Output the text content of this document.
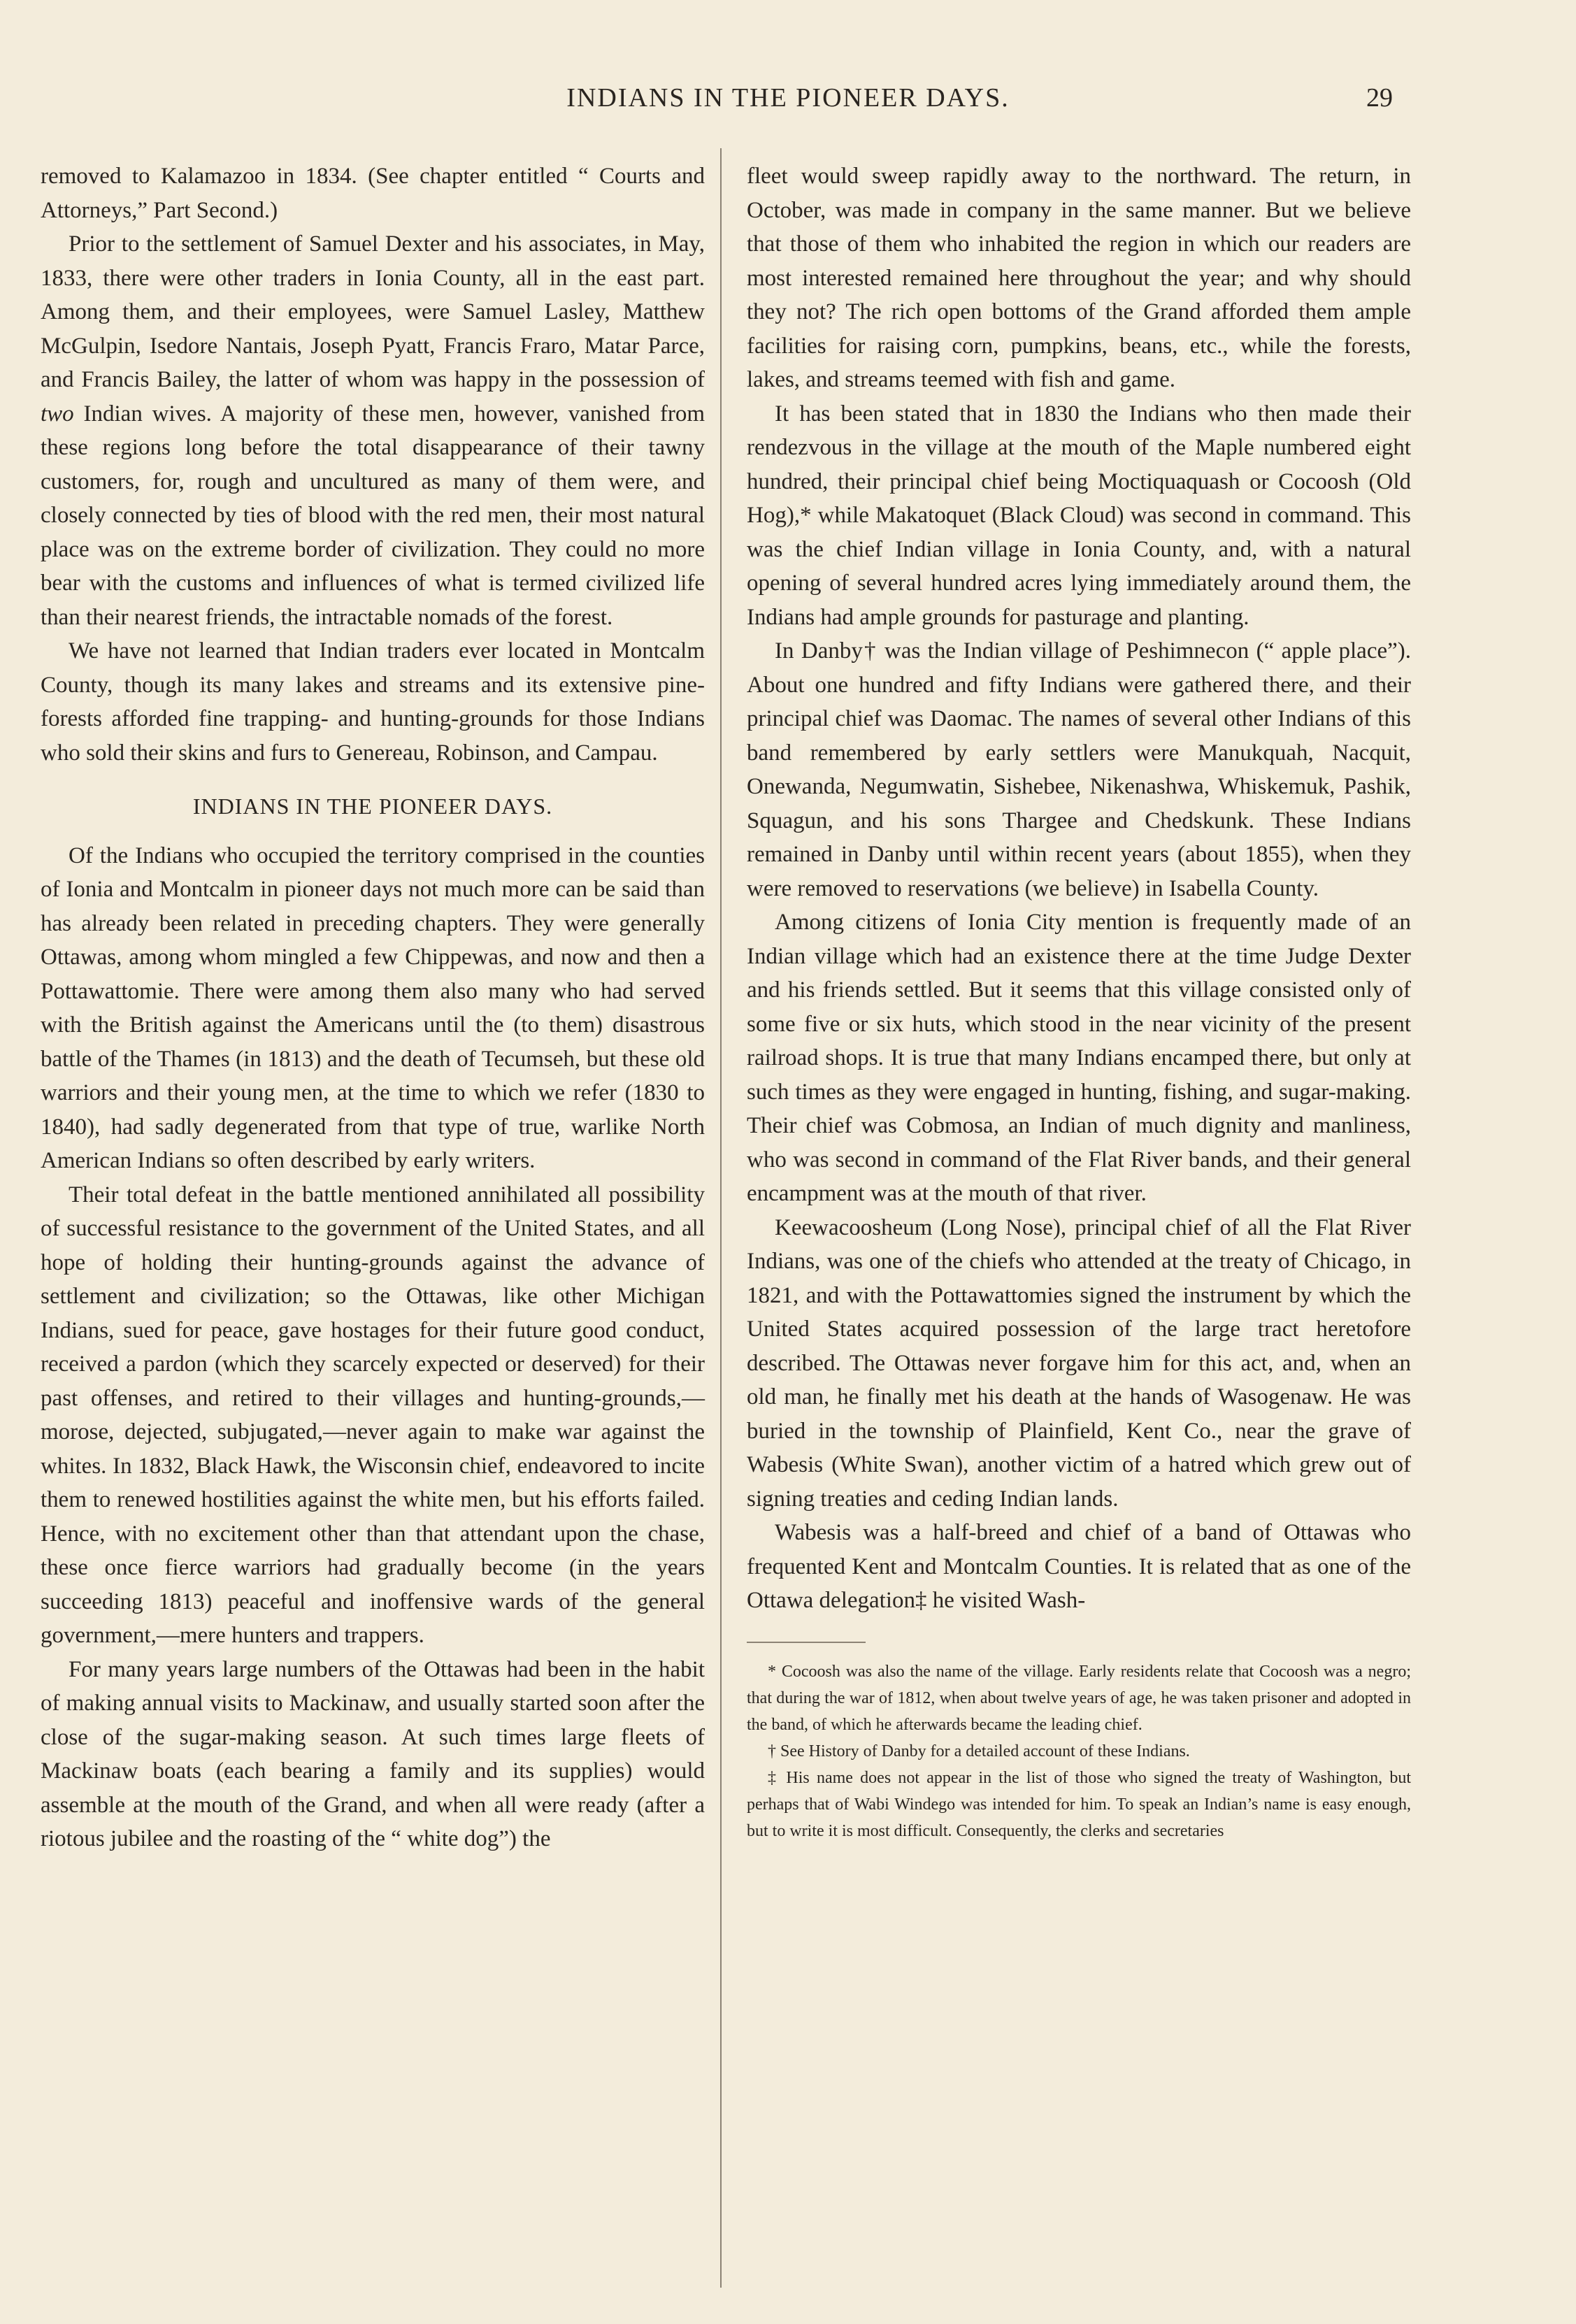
INDIANS IN THE PIONEER DAYS.	29

removed to Kalamazoo in 1834. (See chapter entitled “ Courts and Attorneys,” Part Second.)

Prior to the settlement of Samuel Dexter and his associates, in May, 1833, there were other traders in Ionia County, all in the east part. Among them, and their employees, were Samuel Lasley, Matthew McGulpin, Isedore Nantais, Joseph Pyatt, Francis Fraro, Matar Parce, and Francis Bailey, the latter of whom was happy in the possession of two Indian wives. A majority of these men, however, vanished from these regions long before the total disappearance of their tawny customers, for, rough and uncultured as many of them were, and closely connected by ties of blood with the red men, their most natural place was on the extreme border of civilization. They could no more bear with the customs and influences of what is termed civilized life than their nearest friends, the intractable nomads of the forest.

We have not learned that Indian traders ever located in Montcalm County, though its many lakes and streams and its extensive pine-forests afforded fine trapping- and hunting-grounds for those Indians who sold their skins and furs to Genereau, Robinson, and Campau.

INDIANS IN THE PIONEER DAYS.

Of the Indians who occupied the territory comprised in the counties of Ionia and Montcalm in pioneer days not much more can be said than has already been related in preceding chapters. They were generally Ottawas, among whom mingled a few Chippewas, and now and then a Pottawattomie. There were among them also many who had served with the British against the Americans until the (to them) disastrous battle of the Thames (in 1813) and the death of Tecumseh, but these old warriors and their young men, at the time to which we refer (1830 to 1840), had sadly degenerated from that type of true, warlike North American Indians so often described by early writers.

Their total defeat in the battle mentioned annihilated all possibility of successful resistance to the government of the United States, and all hope of holding their hunting-grounds against the advance of settlement and civilization; so the Ottawas, like other Michigan Indians, sued for peace, gave hostages for their future good conduct, received a pardon (which they scarcely expected or deserved) for their past offenses, and retired to their villages and hunting-grounds,—morose, dejected, subjugated,—never again to make war against the whites. In 1832, Black Hawk, the Wisconsin chief, endeavored to incite them to renewed hostilities against the white men, but his efforts failed. Hence, with no excitement other than that attendant upon the chase, these once fierce warriors had gradually become (in the years succeeding 1813) peaceful and inoffensive wards of the general government,—mere hunters and trappers.

For many years large numbers of the Ottawas had been in the habit of making annual visits to Mackinaw, and usually started soon after the close of the sugar-making season. At such times large fleets of Mackinaw boats (each bearing a family and its supplies) would assemble at the mouth of the Grand, and when all were ready (after a riotous jubilee and the roasting of the “ white dog”) the

fleet would sweep rapidly away to the northward. The return, in October, was made in company in the same manner. But we believe that those of them who inhabited the region in which our readers are most interested remained here throughout the year; and why should they not? The rich open bottoms of the Grand afforded them ample facilities for raising corn, pumpkins, beans, etc., while the forests, lakes, and streams teemed with fish and game.

It has been stated that in 1830 the Indians who then made their rendezvous in the village at the mouth of the Maple numbered eight hundred, their principal chief being Moctiquaquash or Cocoosh (Old Hog),* while Makatoquet (Black Cloud) was second in command. This was the chief Indian village in Ionia County, and, with a natural opening of several hundred acres lying immediately around them, the Indians had ample grounds for pasturage and planting.

In Danby† was the Indian village of Peshimnecon (“ apple place”). About one hundred and fifty Indians were gathered there, and their principal chief was Daomac. The names of several other Indians of this band remembered by early settlers were Manukquah, Nacquit, Onewanda, Negumwatin, Sishebee, Nikenashwa, Whiskemuk, Pashik, Squagun, and his sons Thargee and Chedskunk. These Indians remained in Danby until within recent years (about 1855), when they were removed to reservations (we believe) in Isabella County.

Among citizens of Ionia City mention is frequently made of an Indian village which had an existence there at the time Judge Dexter and his friends settled. But it seems that this village consisted only of some five or six huts, which stood in the near vicinity of the present railroad shops. It is true that many Indians encamped there, but only at such times as they were engaged in hunting, fishing, and sugar-making. Their chief was Cobmosa, an Indian of much dignity and manliness, who was second in command of the Flat River bands, and their general encampment was at the mouth of that river.

Keewacoosheum (Long Nose), principal chief of all the Flat River Indians, was one of the chiefs who attended at the treaty of Chicago, in 1821, and with the Pottawattomies signed the instrument by which the United States acquired possession of the large tract heretofore described. The Ottawas never forgave him for this act, and, when an old man, he finally met his death at the hands of Wasogenaw. He was buried in the township of Plainfield, Kent Co., near the grave of Wabesis (White Swan), another victim of a hatred which grew out of signing treaties and ceding Indian lands.

Wabesis was a half-breed and chief of a band of Ottawas who frequented Kent and Montcalm Counties. It is related that as one of the Ottawa delegation‡ he visited Wash-

* Cocoosh was also the name of the village. Early residents relate that Cocoosh was a negro; that during the war of 1812, when about twelve years of age, he was taken prisoner and adopted in the band, of which he afterwards became the leading chief.

† See History of Danby for a detailed account of these Indians.

‡ His name does not appear in the list of those who signed the treaty of Washington, but perhaps that of Wabi Windego was intended for him. To speak an Indian’s name is easy enough, but to write it is most difficult. Consequently, the clerks and secretaries
